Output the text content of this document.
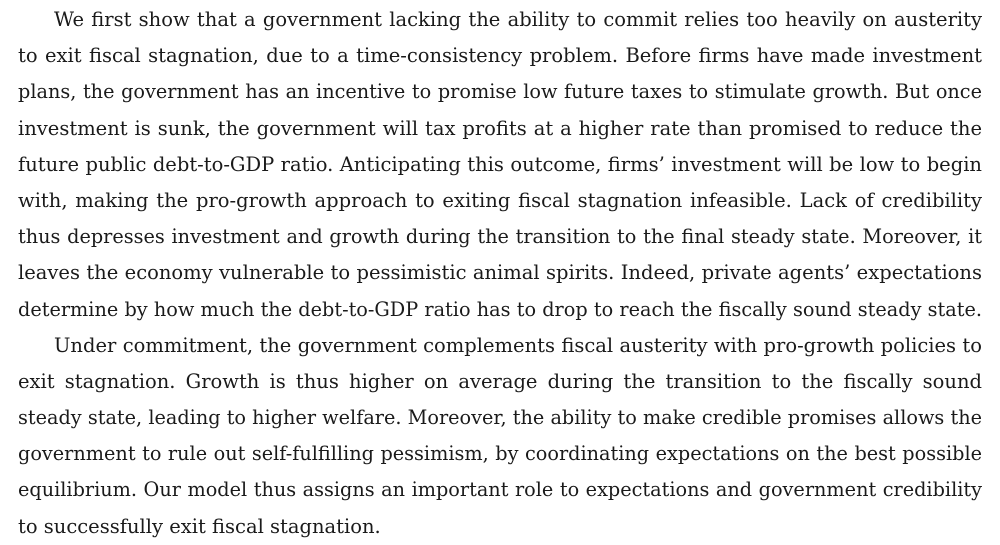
We first show that a government lacking the ability to commit relies too heavily on austerity
to exit fiscal stagnation, due to a time-consistency problem. Before firms have made investment
plans, the government has an incentive to promise low future taxes to stimulate growth. But once
investment is sunk, the government will tax profits at a higher rate than promised to reduce the
future public debt-to-GDP ratio. Anticipating this outcome, firms’ investment will be low to begin
with, making the pro-growth approach to exiting fiscal stagnation infeasible. Lack of credibility
thus depresses investment and growth during the transition to the final steady state. Moreover, it
leaves the economy vulnerable to pessimistic animal spirits. Indeed, private agents’ expectations
determine by how much the debt-to-GDP ratio has to drop to reach the fiscally sound steady state.
Under commitment, the government complements fiscal austerity with pro-growth policies to
exit stagnation. Growth is thus higher on average during the transition to the fiscally sound
steady state, leading to higher welfare. Moreover, the ability to make credible promises allows the
government to rule out self-fulfilling pessimism, by coordinating expectations on the best possible
equilibrium. Our model thus assigns an important role to expectations and government credibility
to successfully exit fiscal stagnation.
